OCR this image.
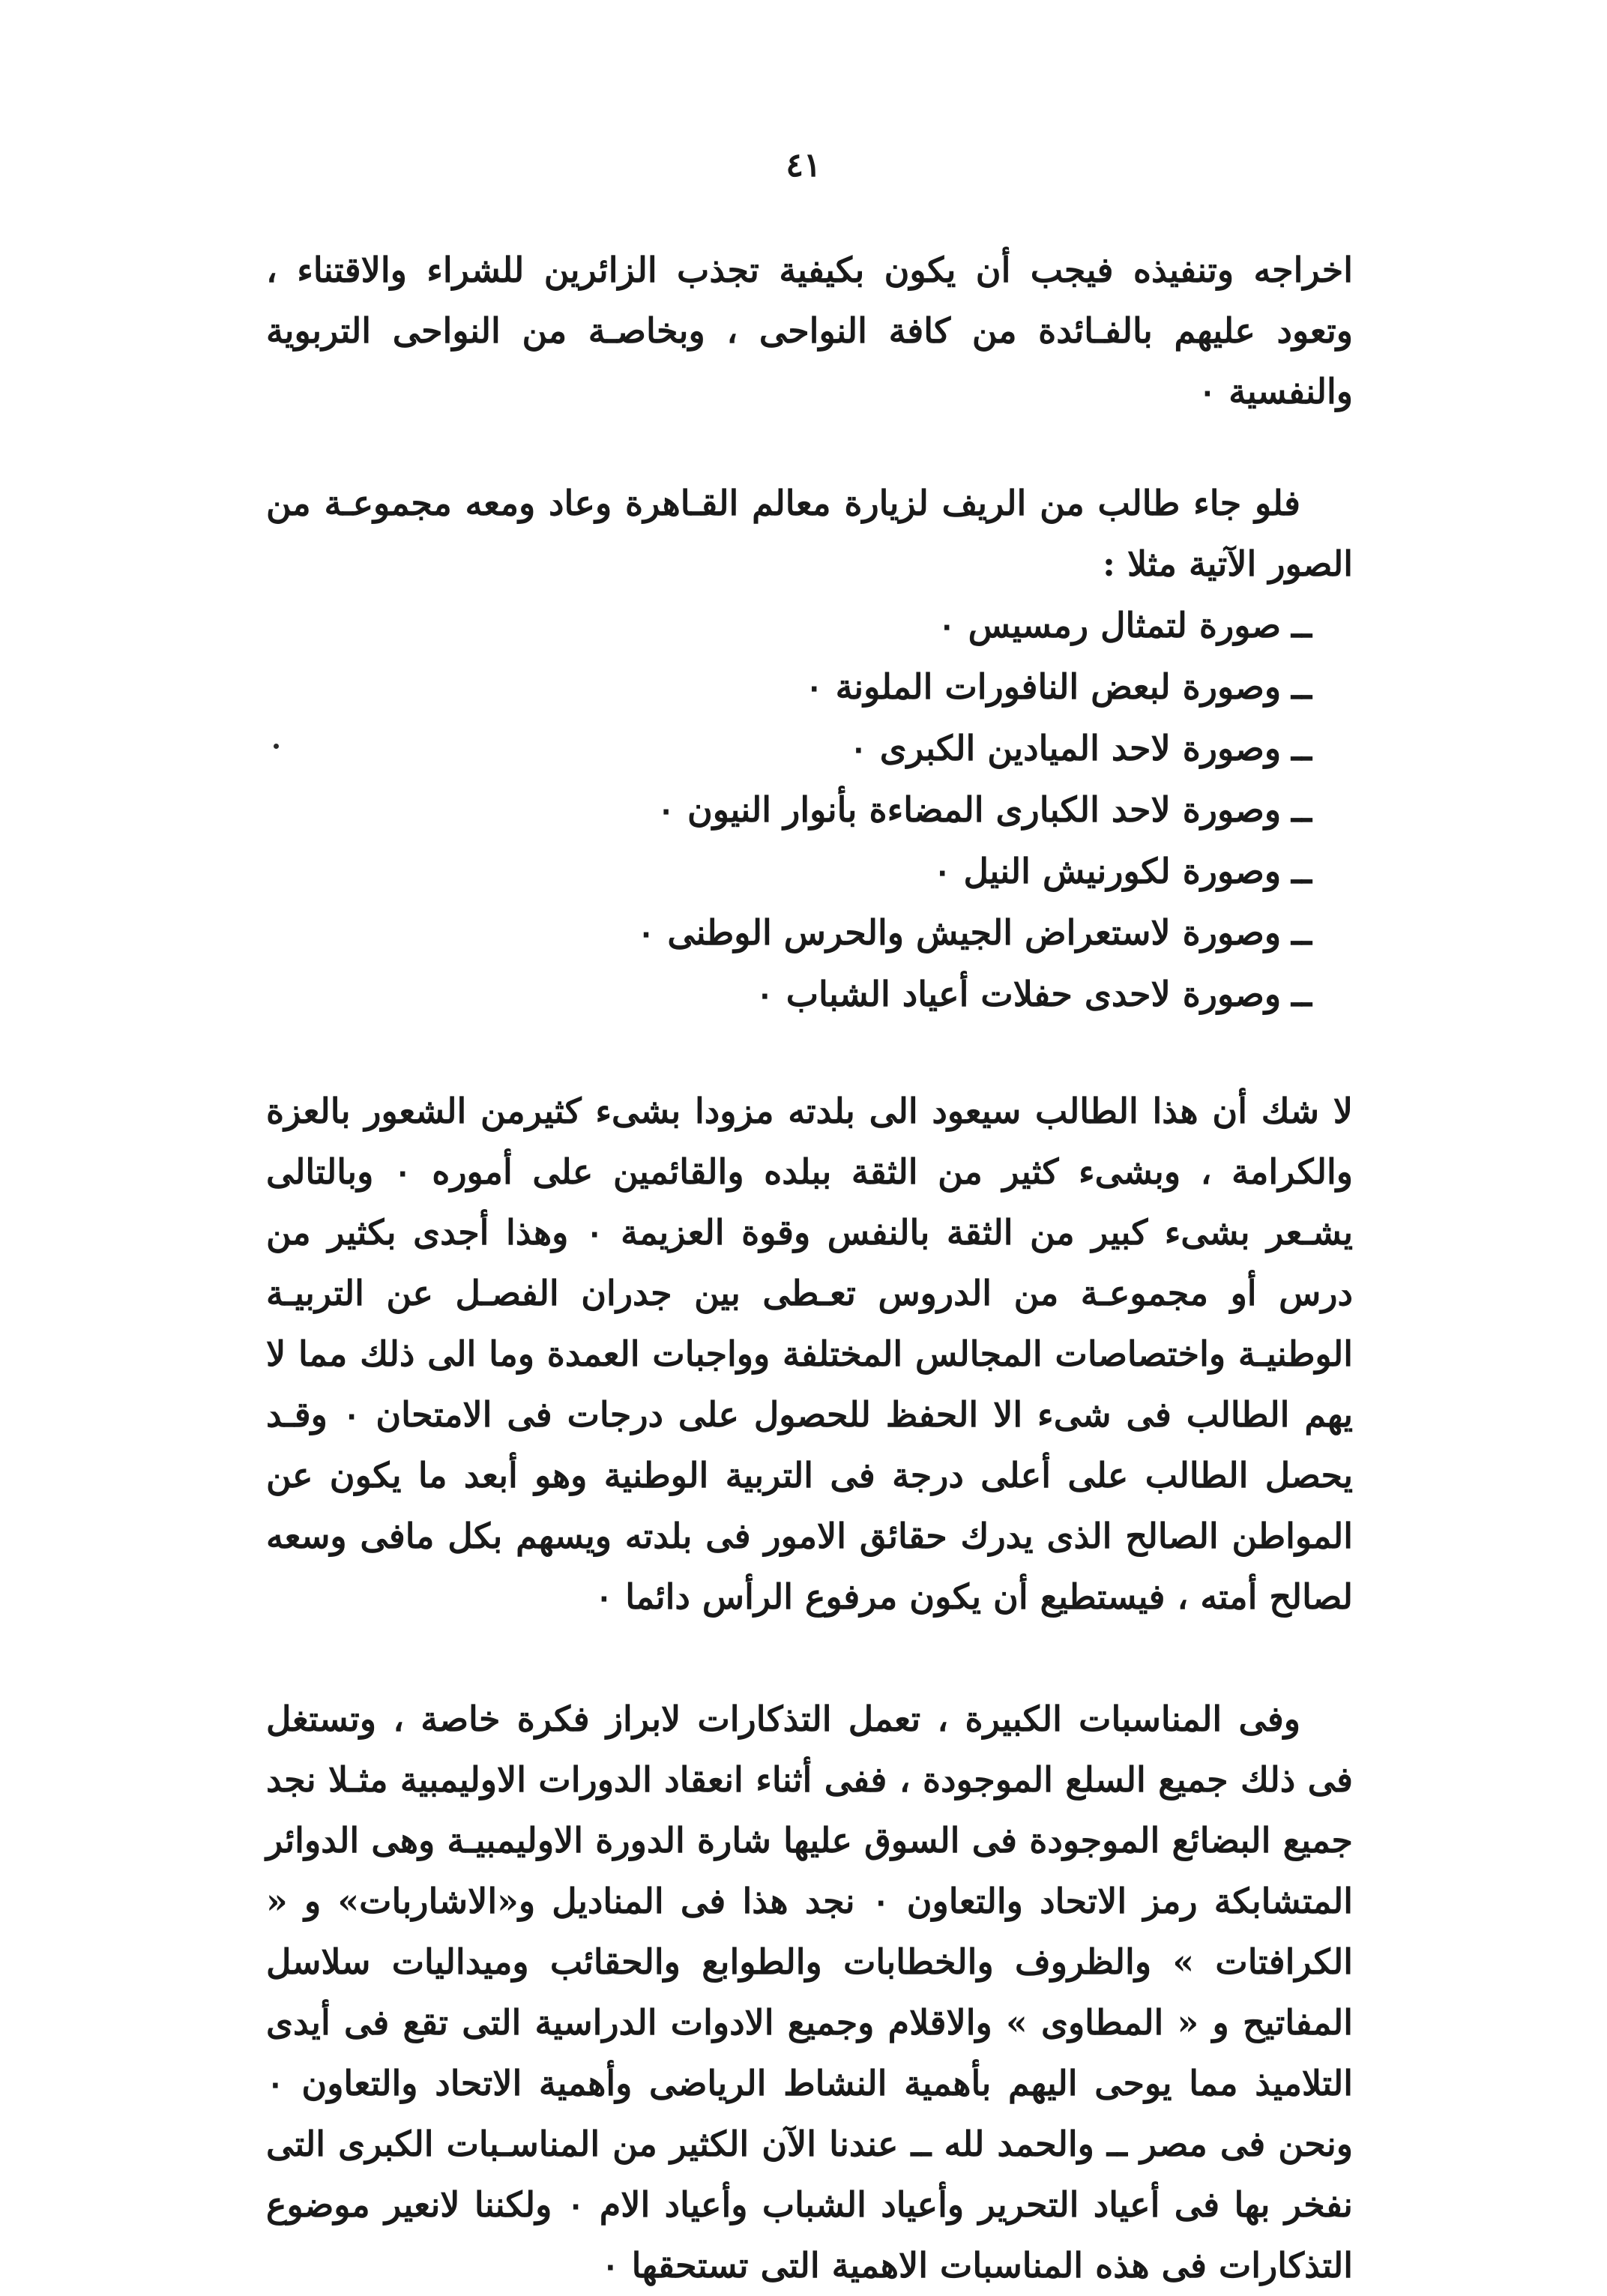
٤١

اخراجه وتنفيذه فيجب أن يكون بكيفية تجذب الزائرين للشراء والاقتناء ، وتعود عليهم بالفـائدة من كافة النواحى ، وبخاصـة من النواحى التربوية والنفسية ٠

فلو جاء طالب من الريف لزيارة معالم القـاهرة وعاد ومعه مجموعـة من الصور الآتية مثلا :

ــصورة لتمثال رمسيس ٠
ــوصورة لبعض النافورات الملونة ٠
ــوصورة لاحد الميادين الكبرى ٠
ــوصورة لاحد الكبارى المضاءة بأنوار النيون ٠
ــوصورة لكورنيش النيل ٠
ــوصورة لاستعراض الجيش والحرس الوطنى ٠
ــوصورة لاحدى حفلات أعياد الشباب ٠

لا شك أن هذا الطالب سيعود الى بلدته مزودا بشىء كثيرمن الشعور بالعزة والكرامة ، وبشىء كثير من الثقة ببلده والقائمين على أموره ٠ وبالتالى يشـعر بشىء كبير من الثقة بالنفس وقوة العزيمة ٠ وهذا أجدى بكثير من درس أو مجموعـة من الدروس تعـطى بين جدران الفصـل عن التربيـة الوطنيـة واختصاصات المجالس المختلفة وواجبات العمدة وما الى ذلك مما لا يهم الطالب فى شىء الا الحفظ للحصول على درجات فى الامتحان ٠ وقـد يحصل الطالب على أعلى درجة فى التربية الوطنية وهو أبعد ما يكون عن المواطن الصالح الذى يدرك حقائق الامور فى بلدته ويسهم بكل مافى وسعه لصالح أمته ، فيستطيع أن يكون مرفوع الرأس دائما ٠

وفى المناسبات الكبيرة ، تعمل التذكارات لابراز فكرة خاصة ، وتستغل فى ذلك جميع السلع الموجودة ، ففى أثناء انعقاد الدورات الاوليمبية مثـلا نجد جميع البضائع الموجودة فى السوق عليها شارة الدورة الاوليمبيـة وهى الدوائر المتشابكة رمز الاتحاد والتعاون ٠ نجد هذا فى المناديل و«الاشاربات» و « الكرافتات » والظروف والخطابات والطوابع والحقائب وميداليات سلاسل المفاتيح و « المطاوى » والاقلام وجميع الادوات الدراسية التى تقع فى أيدى التلاميذ مما يوحى اليهم بأهمية النشاط الرياضى وأهمية الاتحاد والتعاون ٠ ونحن فى مصر ــ والحمد لله ــ عندنا الآن الكثير من المناسـبات الكبرى التى نفخر بها فى أعياد التحرير وأعياد الشباب وأعياد الام ٠ ولكننا لانعير موضوع التذكارات فى هذه المناسبات الاهمية التى تستحقها ٠
